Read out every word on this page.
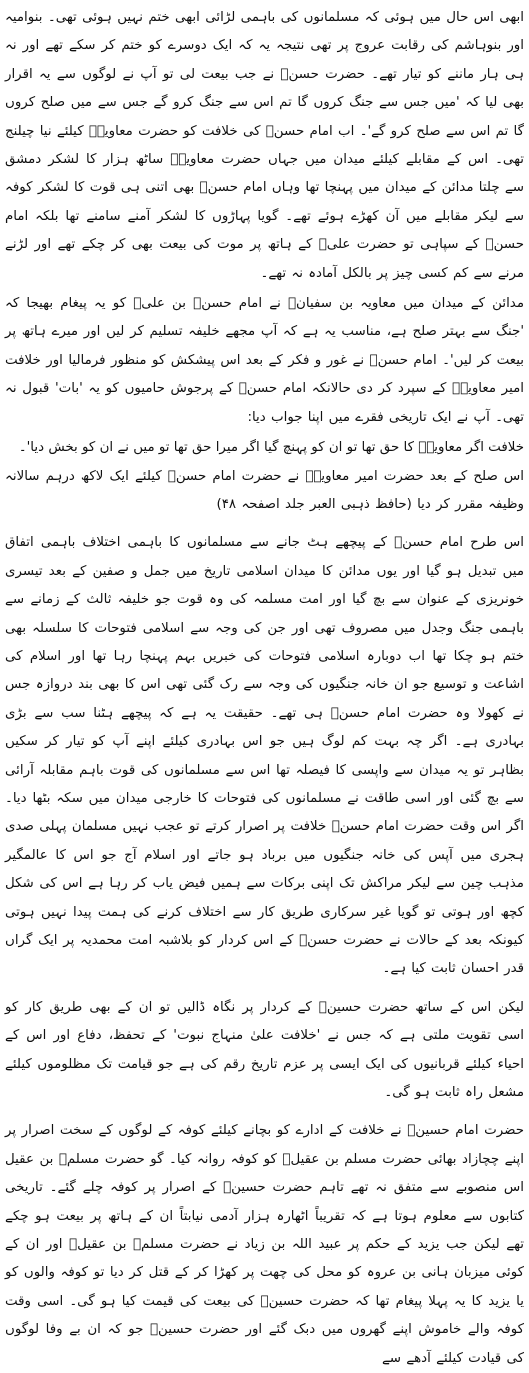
ابھی اس حال میں ہوئی کہ مسلمانوں کی باہمی لڑائی ابھی ختم نہیں ہوئی تھی۔ بنوامیہ اور بنوہاشم کی رقابت عروج پر تھی نتیجہ یہ کہ ایک دوسرے کو ختم کر سکے تھے اور نہ ہی ہار ماننے کو تیار تھے۔ حضرت حسنؓ نے جب بیعت لی تو آپ نے لوگوں سے یہ اقرار بھی لیا کہ 'میں جس سے جنگ کروں گا تم اس سے جنگ کرو گے جس سے میں صلح کروں گا تم اس سے صلح کرو گے'۔ اب امام حسنؓ کی خلافت کو حضرت معاویہؓ کیلئے نیا چیلنج تھی۔ اس کے مقابلے کیلئے میدان میں جہاں حضرت معاویہؓ ساٹھ ہزار کا لشکر دمشق سے چلتا مدائن کے میدان میں پہنچا تھا وہاں امام حسنؓ بھی اتنی ہی قوت کا لشکر کوفہ سے لیکر مقابلے میں آن کھڑے ہوئے تھے۔ گویا پہاڑوں کا لشکر آمنے سامنے تھا بلکہ امام حسنؓ کے سپاہی تو حضرت علیؓ کے ہاتھ پر موت کی بیعت بھی کر چکے تھے اور لڑنے مرنے سے کم کسی چیز پر بالکل آمادہ نہ تھے۔

مدائن کے میدان میں معاویہ بن سفیانؓ نے امام حسنؓ بن علیؓ کو یہ پیغام بھیجا کہ 'جنگ سے بہتر صلح ہے، مناسب یہ ہے کہ آپ مجھے خلیفہ تسلیم کر لیں اور میرے ہاتھ پر بیعت کر لیں'۔ امام حسنؓ نے غور و فکر کے بعد اس پیشکش کو منظور فرمالیا اور خلافت امیر معاویہؓ کے سپرد کر دی حالانکہ امام حسنؓ کے پرجوش حامیوں کو یہ 'بات' قبول نہ تھی۔ آپ نے ایک تاریخی فقرے میں اپنا جواب دیا:

خلافت اگر معاویہؓ کا حق تھا تو ان کو پہنچ گیا اگر میرا حق تھا تو میں نے ان کو بخش دیا'۔

اس صلح کے بعد حضرت امیر معاویہؓ نے حضرت امام حسنؓ کیلئے ایک لاکھ درہم سالانہ وظیفہ مقرر کر دیا (حافظ ذہبی العبر جلد اصفحہ ۴۸)

اس طرح امام حسنؓ کے پیچھے ہٹ جانے سے مسلمانوں کا باہمی اختلاف باہمی اتفاق میں تبدیل ہو گیا اور یوں مدائن کا میدان اسلامی تاریخ میں جمل و صفین کے بعد تیسری خونریزی کے عنوان سے بچ گیا اور امت مسلمہ کی وہ قوت جو خلیفہ ثالث کے زمانے سے باہمی جنگ وجدل میں مصروف تھی اور جن کی وجہ سے اسلامی فتوحات کا سلسلہ بھی ختم ہو چکا تھا اب دوبارہ اسلامی فتوحات کی خبریں بہم پہنچا رہا تھا اور اسلام کی اشاعت و توسیع جو ان خانہ جنگیوں کی وجہ سے رک گئی تھی اس کا بھی بند دروازہ جس نے کھولا وہ حضرت امام حسنؓ ہی تھے۔ حقیقت یہ ہے کہ پیچھے ہٹنا سب سے بڑی بہادری ہے۔ اگر چہ بہت کم لوگ ہیں جو اس بہادری کیلئے اپنے آپ کو تیار کر سکیں بظاہر تو یہ میدان سے واپسی کا فیصلہ تھا اس سے مسلمانوں کی قوت باہم مقابلہ آرائی سے بچ گئی اور اسی طاقت نے مسلمانوں کی فتوحات کا خارجی میدان میں سکہ بٹھا دیا۔ اگر اس وقت حضرت امام حسنؓ خلافت پر اصرار کرتے تو عجب نہیں مسلمان پہلی صدی ہجری میں آپس کی خانہ جنگیوں میں برباد ہو جاتے اور اسلام آج جو اس کا عالمگیر مذہب چین سے لیکر مراکش تک اپنی برکات سے ہمیں فیض یاب کر رہا ہے اس کی شکل کچھ اور ہوتی تو گویا غیر سرکاری طریق کار سے اختلاف کرنے کی ہمت پیدا نہیں ہوتی کیونکہ بعد کے حالات نے حضرت حسنؓ کے اس کردار کو بلاشبہ امت محمدیہ پر ایک گراں قدر احسان ثابت کیا ہے۔

لیکن اس کے ساتھ حضرت حسینؓ کے کردار پر نگاہ ڈالیں تو ان کے بھی طریق کار کو اسی تقویت ملتی ہے کہ جس نے 'خلافت علیٰ منہاج نبوت' کے تحفظ، دفاع اور اس کے احیاء کیلئے قربانیوں کی ایک ایسی پر عزم تاریخ رقم کی ہے جو قیامت تک مظلوموں کیلئے مشعل راہ ثابت ہو گی۔

حضرت امام حسینؓ نے خلافت کے ادارے کو بچانے کیلئے کوفہ کے لوگوں کے سخت اصرار پر اپنے چچازاد بھائی حضرت مسلم بن عقیلؓ کو کوفہ روانہ کیا۔ گو حضرت مسلمؓ بن عقیل اس منصوبے سے متفق نہ تھے تاہم حضرت حسینؓ کے اصرار پر کوفہ چلے گئے۔ تاریخی کتابوں سے معلوم ہوتا ہے کہ تقریباً اٹھارہ ہزار آدمی نیابتاً ان کے ہاتھ پر بیعت ہو چکے تھے لیکن جب یزید کے حکم پر عبید اللہ بن زیاد نے حضرت مسلمؓ بن عقیلؓ اور ان کے کوئی میزبان ہانی بن عروہ کو محل کی چھت پر کھڑا کر کے قتل کر دیا تو کوفہ والوں کو یا یزید کا یہ پہلا پیغام تھا کہ حضرت حسینؓ کی بیعت کی قیمت کیا ہو گی۔ اسی وقت کوفہ والے خاموش اپنے گھروں میں دبک گئے اور حضرت حسینؓ جو کہ ان بے وفا لوگوں کی قیادت کیلئے آدھے سے
